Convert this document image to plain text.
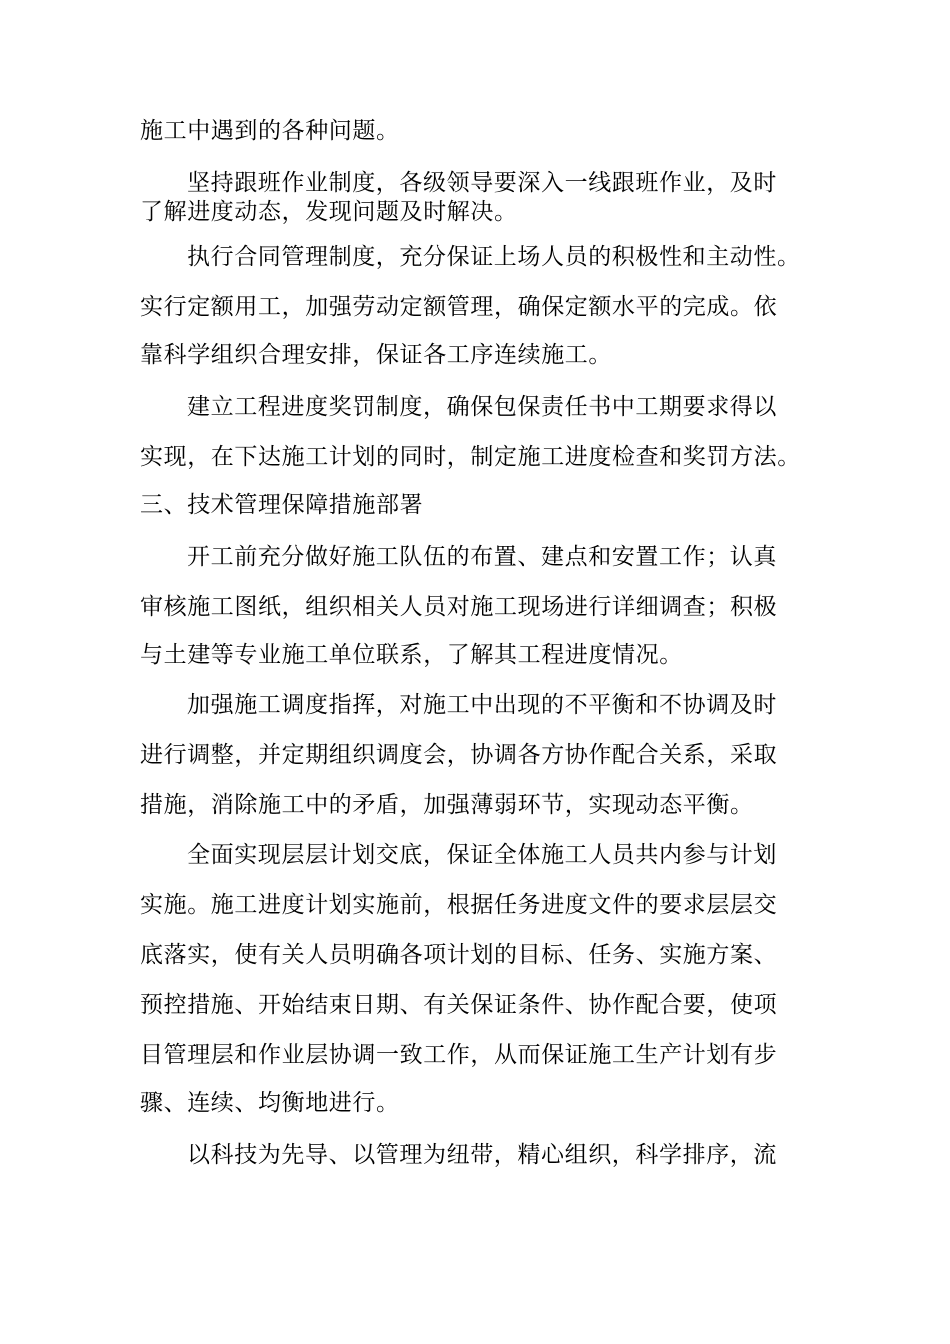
施工中遇到的各种问题。
坚持跟班作业制度，各级领导要深入一线跟班作业，及时
了解进度动态，发现问题及时解决。
执行合同管理制度，充分保证上场人员的积极性和主动性。
实行定额用工，加强劳动定额管理，确保定额水平的完成。依
靠科学组织合理安排，保证各工序连续施工。
建立工程进度奖罚制度，确保包保责任书中工期要求得以
实现，在下达施工计划的同时，制定施工进度检查和奖罚方法。
三、技术管理保障措施部署
开工前充分做好施工队伍的布置、建点和安置工作；认真
审核施工图纸，组织相关人员对施工现场进行详细调查；积极
与土建等专业施工单位联系，了解其工程进度情况。
加强施工调度指挥，对施工中出现的不平衡和不协调及时
进行调整，并定期组织调度会，协调各方协作配合关系，采取
措施，消除施工中的矛盾，加强薄弱环节，实现动态平衡。
全面实现层层计划交底，保证全体施工人员共内参与计划
实施。施工进度计划实施前，根据任务进度文件的要求层层交
底落实，使有关人员明确各项计划的目标、任务、实施方案、
预控措施、开始结束日期、有关保证条件、协作配合要，使项
目管理层和作业层协调一致工作，从而保证施工生产计划有步
骤、连续、均衡地进行。
以科技为先导、以管理为纽带，精心组织，科学排序，流
